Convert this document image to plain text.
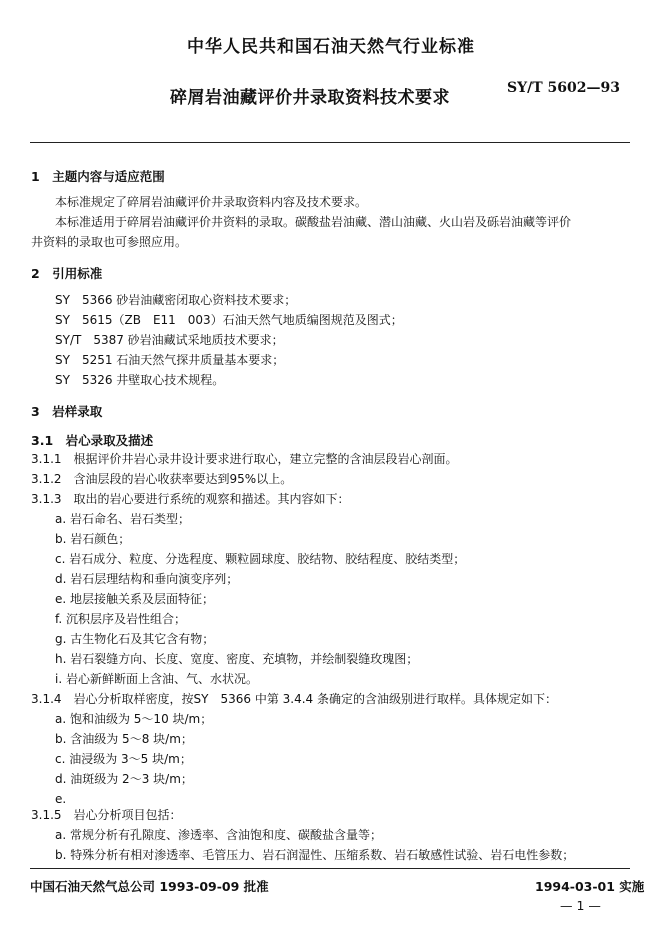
中华人民共和国石油天然气行业标准
碎屑岩油藏评价井录取资料技术要求	SY/T 5602—93
1　主题内容与适应范围
本标准规定了碎屑岩油藏评价井录取资料内容及技术要求。
本标准适用于碎屑岩油藏评价井资料的录取。碳酸盐岩油藏、潜山油藏、火山岩及砾岩油藏等评价
井资料的录取也可参照应用。
2　引用标准
SY　5366 砂岩油藏密闭取心资料技术要求；
SY　5615（ZB　E11　003）石油天然气地质编图规范及图式；
SY/T　5387 砂岩油藏试采地质技术要求；
SY　5251 石油天然气探井质量基本要求；
SY　5326 井壁取心技术规程。
3　岩样录取
3.1　岩心录取及描述
3.1.1　根据评价井岩心录井设计要求进行取心，建立完整的含油层段岩心剖面。
3.1.2　含油层段的岩心收获率要达到95%以上。
3.1.3　取出的岩心要进行系统的观察和描述。其内容如下：
a. 岩石命名、岩石类型；
b. 岩石颜色；
c. 岩石成分、粒度、分选程度、颗粒圆球度、胶结物、胶结程度、胶结类型；
d. 岩石层理结构和垂向演变序列；
e. 地层接触关系及层面特征；
f. 沉积层序及岩性组合；
g. 古生物化石及其它含有物；
h. 岩石裂缝方向、长度、宽度、密度、充填物，并绘制裂缝玫瑰图；
i. 岩心新鲜断面上含油、气、水状况。
3.1.4　岩心分析取样密度，按SY　5366 中第 3.4.4 条确定的含油级别进行取样。具体规定如下：
a. 饱和油级为 5～10 块/m；
b. 含油级为 5～8 块/m；
c. 油浸级为 3～5 块/m；
d. 油斑级为 2～3 块/m；
e.
3.1.5　岩心分析项目包括：
a. 常规分析有孔隙度、渗透率、含油饱和度、碳酸盐含量等；
b. 特殊分析有相对渗透率、毛管压力、岩石润湿性、压缩系数、岩石敏感性试验、岩石电性参数；
中国石油天然气总公司 1993-09-09 批准	1994-03-01 实施
— 1 —
